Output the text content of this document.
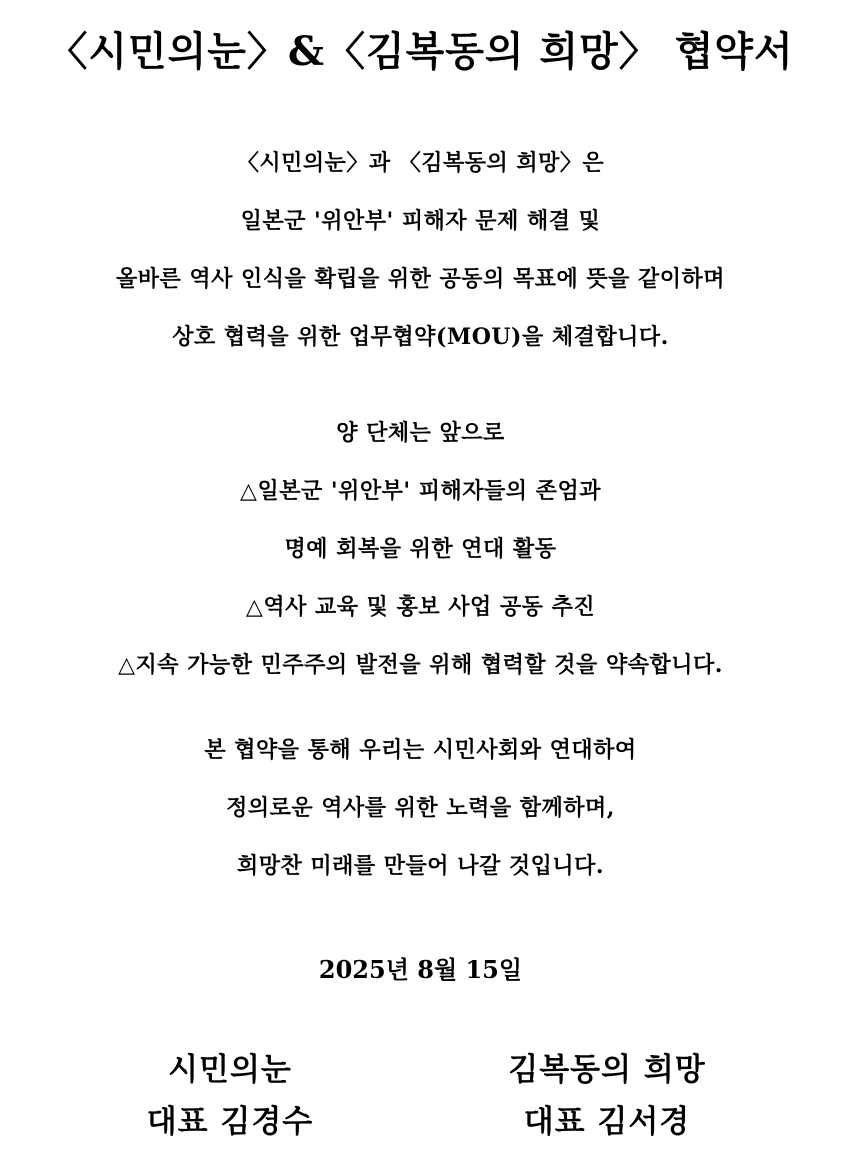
〈시민의눈〉&〈김복동의 희망〉 협약서
〈시민의눈〉과 〈김복동의 희망〉은
일본군 '위안부' 피해자 문제 해결 및
올바른 역사 인식을 확립을 위한 공동의 목표에 뜻을 같이하며
상호 협력을 위한 업무협약(MOU)을 체결합니다.
양 단체는 앞으로
△일본군 '위안부' 피해자들의 존엄과
명예 회복을 위한 연대 활동
△역사 교육 및 홍보 사업 공동 추진
△지속 가능한 민주주의 발전을 위해 협력할 것을 약속합니다.
본 협약을 통해 우리는 시민사회와 연대하여
정의로운 역사를 위한 노력을 함께하며,
희망찬 미래를 만들어 나갈 것입니다.
2025년 8월 15일
시민의눈
대표 김경수
김복동의 희망
대표 김서경
